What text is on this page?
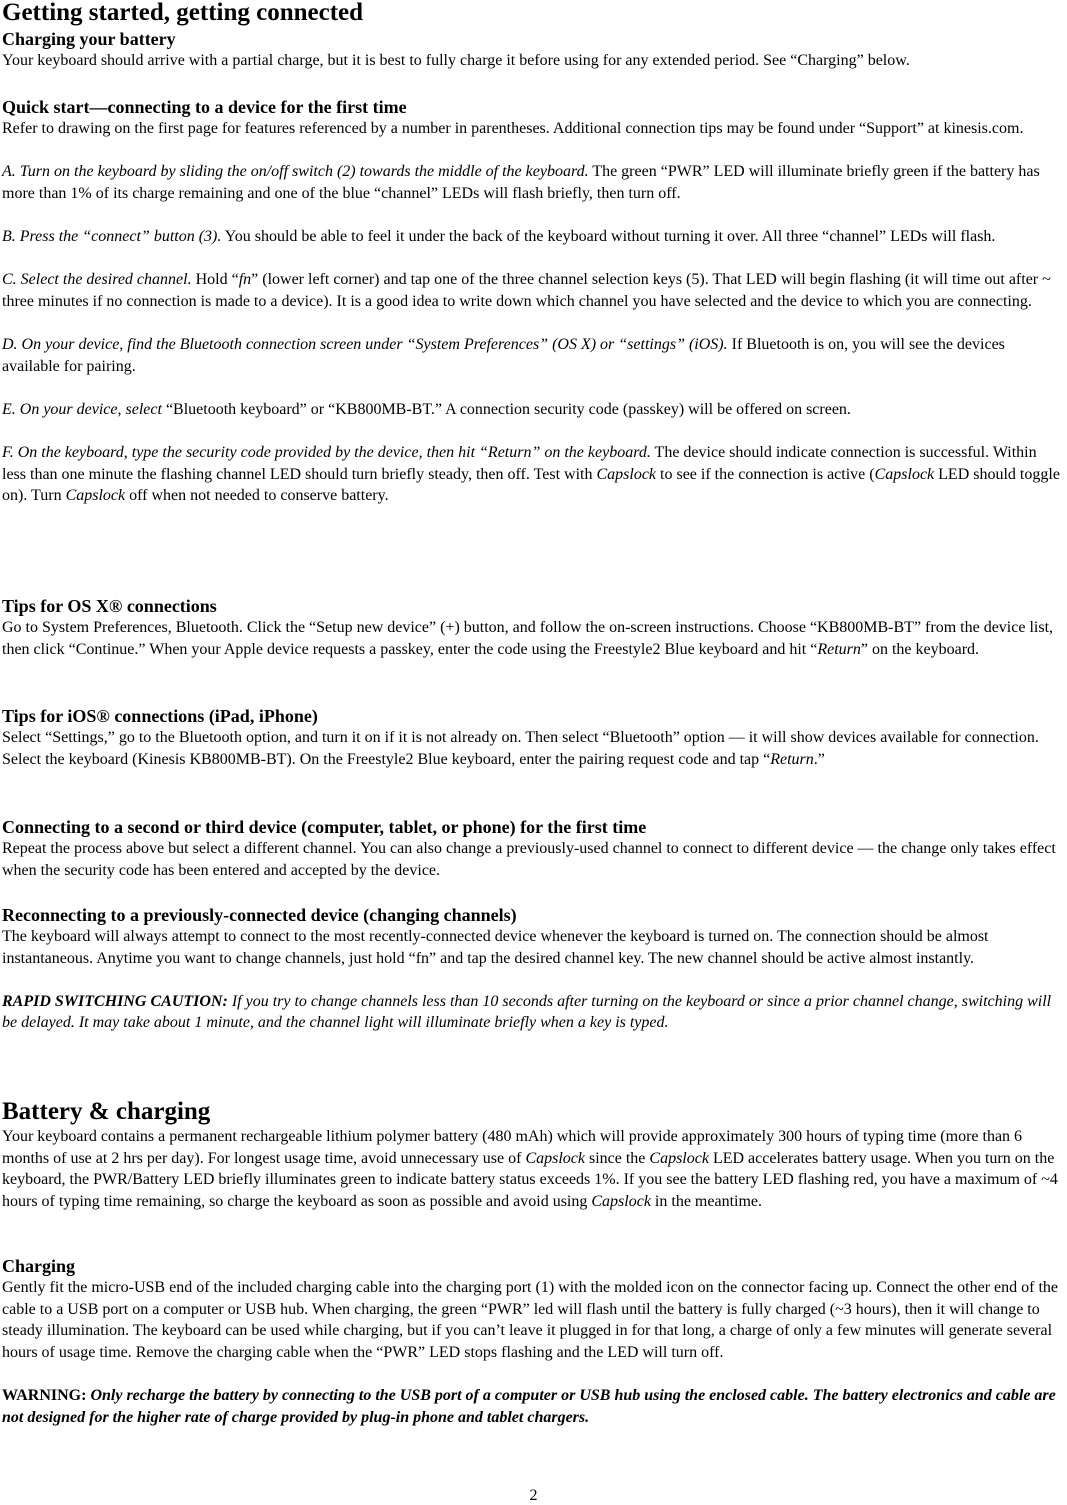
Getting started, getting connected
Charging your battery

Your keyboard should arrive with a partial charge, but it is best to fully charge it before using for any extended period. See “Charging” below.

Quick start—connecting to a device for the first time

Refer to drawing on the first page for features referenced by a number in parentheses. Additional connection tips may be found under “Support” at kinesis.com.

A. Turn on the keyboard by sliding the on/off switch (2) towards the middle of the keyboard. The green “PWR” LED will illuminate briefly green if the battery has more than 1% of its charge remaining and one of the blue “channel” LEDs will flash briefly, then turn off.

B. Press the “connect” button (3). You should be able to feel it under the back of the keyboard without turning it over. All three “channel” LEDs will flash.

C. Select the desired channel. Hold “fn” (lower left corner) and tap one of the three channel selection keys (5). That LED will begin flashing (it will time out after ~ three minutes if no connection is made to a device). It is a good idea to write down which channel you have selected and the device to which you are connecting.

D. On your device, find the Bluetooth connection screen under “System Preferences” (OS X) or “settings” (iOS). If Bluetooth is on, you will see the devices available for pairing.

E. On your device, select “Bluetooth keyboard” or “KB800MB-BT.” A connection security code (passkey) will be offered on screen.

F. On the keyboard, type the security code provided by the device, then hit “Return” on the keyboard. The device should indicate connection is successful. Within less than one minute the flashing channel LED should turn briefly steady, then off. Test with Capslock to see if the connection is active (Capslock LED should toggle on). Turn Capslock off when not needed to conserve battery.

Tips for OS X® connections

Go to System Preferences, Bluetooth. Click the “Setup new device” (+) button, and follow the on-screen instructions. Choose “KB800MB-BT” from the device list, then click “Continue.” When your Apple device requests a passkey, enter the code using the Freestyle2 Blue keyboard and hit “Return” on the keyboard.

Tips for iOS® connections (iPad, iPhone)

Select “Settings,” go to the Bluetooth option, and turn it on if it is not already on. Then select “Bluetooth” option — it will show devices available for connection. Select the keyboard (Kinesis KB800MB-BT). On the Freestyle2 Blue keyboard, enter the pairing request code and tap “Return.”

Connecting to a second or third device (computer, tablet, or phone) for the first time

Repeat the process above but select a different channel. You can also change a previously-used channel to connect to different device — the change only takes effect when the security code has been entered and accepted by the device.

Reconnecting to a previously-connected device (changing channels)

The keyboard will always attempt to connect to the most recently-connected device whenever the keyboard is turned on. The connection should be almost instantaneous. Anytime you want to change channels, just hold “fn” and tap the desired channel key. The new channel should be active almost instantly.

RAPID SWITCHING CAUTION: If you try to change channels less than 10 seconds after turning on the keyboard or since a prior channel change, switching will be delayed. It may take about 1 minute, and the channel light will illuminate briefly when a key is typed.

Battery & charging

Your keyboard contains a permanent rechargeable lithium polymer battery (480 mAh) which will provide approximately 300 hours of typing time (more than 6 months of use at 2 hrs per day). For longest usage time, avoid unnecessary use of Capslock since the Capslock LED accelerates battery usage. When you turn on the keyboard, the PWR/Battery LED briefly illuminates green to indicate battery status exceeds 1%. If you see the battery LED flashing red, you have a maximum of ~4 hours of typing time remaining, so charge the keyboard as soon as possible and avoid using Capslock in the meantime.

Charging

Gently fit the micro-USB end of the included charging cable into the charging port (1) with the molded icon on the connector facing up. Connect the other end of the cable to a USB port on a computer or USB hub. When charging, the green “PWR” led will flash until the battery is fully charged (~3 hours), then it will change to steady illumination. The keyboard can be used while charging, but if you can’t leave it plugged in for that long, a charge of only a few minutes will generate several hours of usage time. Remove the charging cable when the “PWR” LED stops flashing and the LED will turn off.

WARNING: Only recharge the battery by connecting to the USB port of a computer or USB hub using the enclosed cable. The battery electronics and cable are not designed for the higher rate of charge provided by plug-in phone and tablet chargers.

2
